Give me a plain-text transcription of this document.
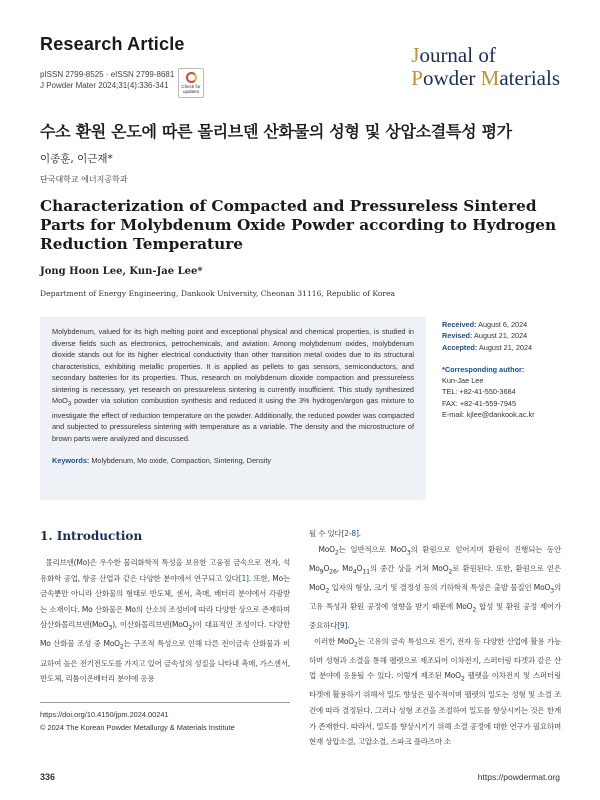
Research Article
pISSN 2799-8525 · eISSN 2799-8681
J Powder Mater 2024;31(4):336-341	Check for
updates
Journal of
Powder Materials
수소 환원 온도에 따른 몰리브덴 산화물의 성형 및 상압소결특성 평가
이종훈, 이근재*
단국대학교 에너지공학과
Characterization of Compacted and Pressureless Sintered Parts for Molybdenum Oxide Powder according to Hydrogen Reduction Temperature
Jong Hoon Lee, Kun-Jae Lee*
Department of Energy Engineering, Dankook University, Cheonan 31116, Republic of Korea
Molybdenum, valued for its high melting point and exceptional physical and chemical properties, is studied in diverse fields such as electronics, petrochemicals, and aviation. Among molybdenum oxides, molybdenum dioxide stands out for its higher electrical conductivity than other transition metal oxides due to its structural characteristics, exhibiting metallic properties. It is applied as pellets to gas sensors, semiconductors, and secondary batteries for its properties. Thus, research on molybdenum dioxide compaction and pressureless sintering is necessary, yet research on pressureless sintering is currently insufficient. This study synthesized MoO$_3$ powder via solution combustion synthesis and reduced it using the 3% hydrogen/argon gas mixture to investigate the effect of reduction temperature on the powder. Additionally, the reduced powder was compacted and subjected to pressureless sintering with temperature as a variable. The density and the microstructure of brown parts were analyzed and discussed.
Keywords: Molybdenum, Mo oxide, Compaction, Sintering, Density
Received: August 6, 2024
Revised: August 21, 2024
Accepted: August 21, 2024
*Corresponding author:
Kun-Jae Lee
TEL: +82-41-550-3684
FAX: +82-41-559-7945
E-mail: kjlee@dankook.ac.kr
1. Introduction
몰리브덴(Mo)은 우수한 물리화학적 특성을 보유한 고융점 금속으로 전자, 석유화학 공업, 항공 산업과 같은 다양한 분야에서 연구되고 있다[1]. 또한, Mo는 금속뿐만 아니라 산화물의 형태로 반도체, 센서, 촉매, 배터리 분야에서 각광받는 소재이다. Mo 산화물은 Mo의 산소의 조성비에 따라 다양한 상으로 존재하며 삼산화몰리브덴(MoO$_3$), 이산화몰리브덴(MoO$_2$)이 대표적인 조성이다. 다양한 Mo 산화물 조성 중 MoO$_2$는 구조적 특성으로 인해 다른 전이금속 산화물과 비교하여 높은 전기전도도를 가지고 있어 금속성의 성질을 나타내 촉매, 가스센서, 반도체, 리튬이온배터리 분야에 응용
될 수 있다[2-8].
MoO$_2$는 일반적으로 MoO$_3$의 환원으로 얻어지며 환원이 진행되는 동안 $Mo_9O_{26}$, $Mo_4O_{11}$의 중간 상을 거쳐 MoO$_2$로 환원된다. 또한, 환원으로 얻은 MoO$_2$ 입자의 형상, 크기 및 결정성 등의 기하학적 특성은 출발 물질인 MoO$_3$의 고유 특성과 환원 공정에 영향을 받기 때문에 MoO$_2$ 합성 및 환원 공정 제어가 중요하다[9].
이러한 MoO$_2$는 고유의 금속 특성으로 전기, 전자 등 다양한 산업에 활용 가능하며 성형과 소결을 통해 펠렛으로 제조되어 이차전지, 스퍼터링 타겟과 같은 산업 분야에 응용될 수 있다. 이렇게 제조된 MoO$_2$ 펠렛을 이차전지 및 스퍼터링 타겟에 활용하기 위해서 밀도 향상은 필수적이며 펠렛의 밀도는 성형 및 소결 조건에 따라 결정된다. 그러나 성형 조건을 조절하여 밀도를 향상시키는 것은 한계가 존재한다. 따라서, 밀도를 향상시키기 위해 소결 공정에 대한 연구가 필요하며 현재 상압소결, 고압소결, 스파크 플라즈마 소
https://doi.org/10.4150/jpm.2024.00241
© 2024 The Korean Powder Metallurgy & Materials Institute
336	https://powdermat.org
